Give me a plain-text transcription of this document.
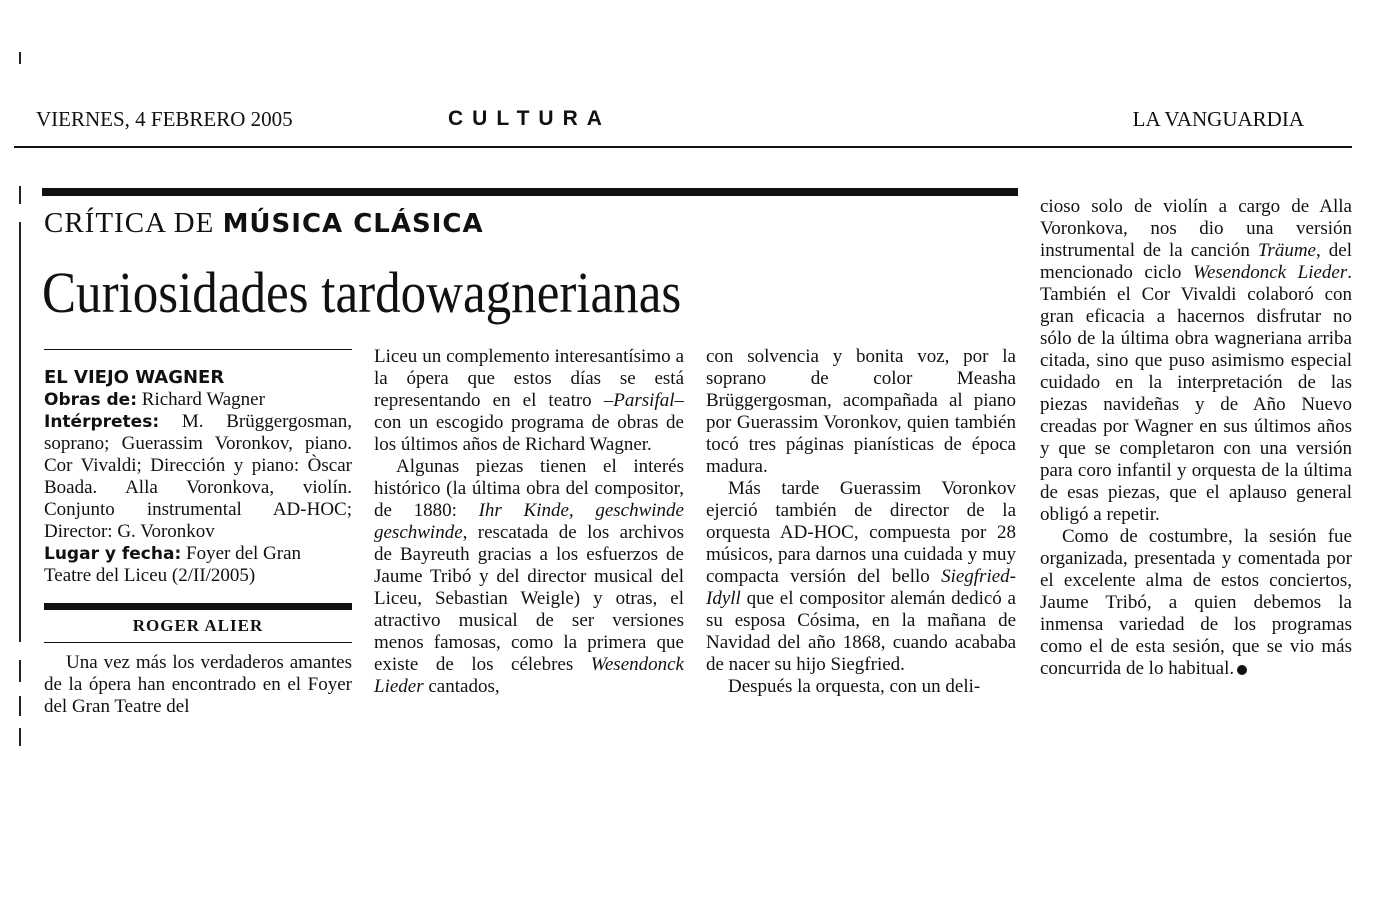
VIERNES, 4 FEBRERO 2005	CULTURA	LA VANGUARDIA
CRÍTICA DE MÚSICA CLÁSICA
Curiosidades tardowagnerianas
EL VIEJO WAGNER
Obras de: Richard Wagner
Intérpretes: M. Brüggergosman, soprano; Guerassim Voronkov, piano. Cor Vivaldi; Dirección y piano: Òscar Boada. Alla Voronkova, violín. Conjunto instrumental AD-HOC; Director: G. Voronkov
Lugar y fecha: Foyer del Gran Teatre del Liceu (2/II/2005)
ROGER ALIER

Una vez más los verdaderos amantes de la ópera han encontrado en el Foyer del Gran Teatre del

Liceu un complemento interesantísimo a la ópera que estos días se está representando en el teatro –Parsifal– con un escogido programa de obras de los últimos años de Richard Wagner.

Algunas piezas tienen el interés histórico (la última obra del compositor, de 1880: Ihr Kinde, geschwinde geschwinde, rescatada de los archivos de Bayreuth gracias a los esfuerzos de Jaume Tribó y del director musical del Liceu, Sebastian Weigle) y otras, el atractivo musical de ser versiones menos famosas, como la primera que existe de los célebres Wesendonck Lieder cantados,

con solvencia y bonita voz, por la soprano de color Measha Brüggergosman, acompañada al piano por Guerassim Voronkov, quien también tocó tres páginas pianísticas de época madura.

Más tarde Guerassim Voronkov ejerció también de director de la orquesta AD-HOC, compuesta por 28 músicos, para darnos una cuidada y muy compacta versión del bello Siegfried-Idyll que el compositor alemán dedicó a su esposa Cósima, en la mañana de Navidad del año 1868, cuando acababa de nacer su hijo Siegfried.

Después la orquesta, con un deli-

cioso solo de violín a cargo de Alla Voronkova, nos dio una versión instrumental de la canción Träume, del mencionado ciclo Wesendonck Lieder. También el Cor Vivaldi colaboró con gran eficacia a hacernos disfrutar no sólo de la última obra wagneriana arriba citada, sino que puso asimismo especial cuidado en la interpretación de las piezas navideñas y de Año Nuevo creadas por Wagner en sus últimos años y que se completaron con una versión para coro infantil y orquesta de la última de esas piezas, que el aplauso general obligó a repetir.

Como de costumbre, la sesión fue organizada, presentada y comentada por el excelente alma de estos conciertos, Jaume Tribó, a quien debemos la inmensa variedad de los programas como el de esta sesión, que se vio más concurrida de lo habitual.
